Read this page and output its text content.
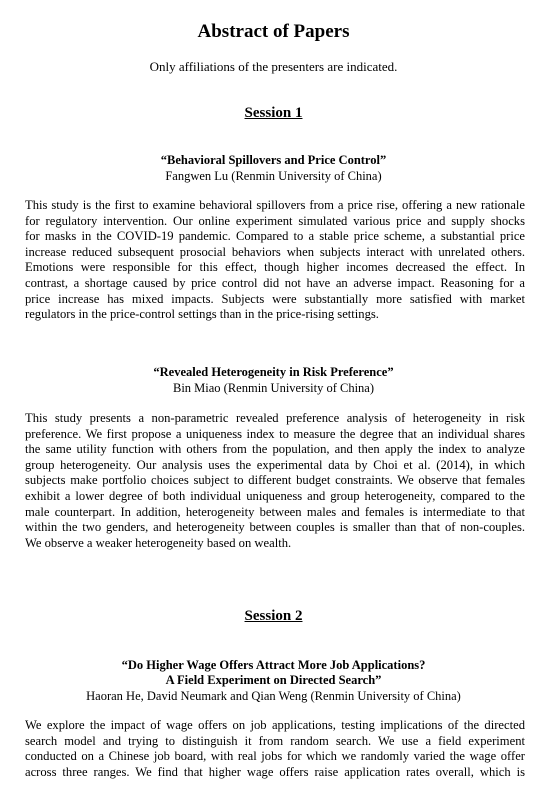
Abstract of Papers
Only affiliations of the presenters are indicated.
Session 1
“Behavioral Spillovers and Price Control”
Fangwen Lu (Renmin University of China)
This study is the first to examine behavioral spillovers from a price rise, offering a new rationale
for regulatory intervention. Our online experiment simulated various price and supply shocks
for masks in the COVID-19 pandemic. Compared to a stable price scheme, a substantial price
increase reduced subsequent prosocial behaviors when subjects interact with unrelated others.
Emotions were responsible for this effect, though higher incomes decreased the effect. In
contrast, a shortage caused by price control did not have an adverse impact. Reasoning for a
price increase has mixed impacts. Subjects were substantially more satisfied with market
regulators in the price-control settings than in the price-rising settings.
“Revealed Heterogeneity in Risk Preference”
Bin Miao (Renmin University of China)
This study presents a non-parametric revealed preference analysis of heterogeneity in risk
preference. We first propose a uniqueness index to measure the degree that an individual shares
the same utility function with others from the population, and then apply the index to analyze
group heterogeneity. Our analysis uses the experimental data by Choi et al. (2014), in which
subjects make portfolio choices subject to different budget constraints. We observe that females
exhibit a lower degree of both individual uniqueness and group heterogeneity, compared to the
male counterpart. In addition, heterogeneity between males and females is intermediate to that
within the two genders, and heterogeneity between couples is smaller than that of non-couples.
We observe a weaker heterogeneity based on wealth.
Session 2
“Do Higher Wage Offers Attract More Job Applications?
A Field Experiment on Directed Search”
Haoran He, David Neumark and Qian Weng (Renmin University of China)
We explore the impact of wage offers on job applications, testing implications of the directed
search model and trying to distinguish it from random search. We use a field experiment
conducted on a Chinese job board, with real jobs for which we randomly varied the wage offer
across three ranges. We find that higher wage offers raise application rates overall, which is
